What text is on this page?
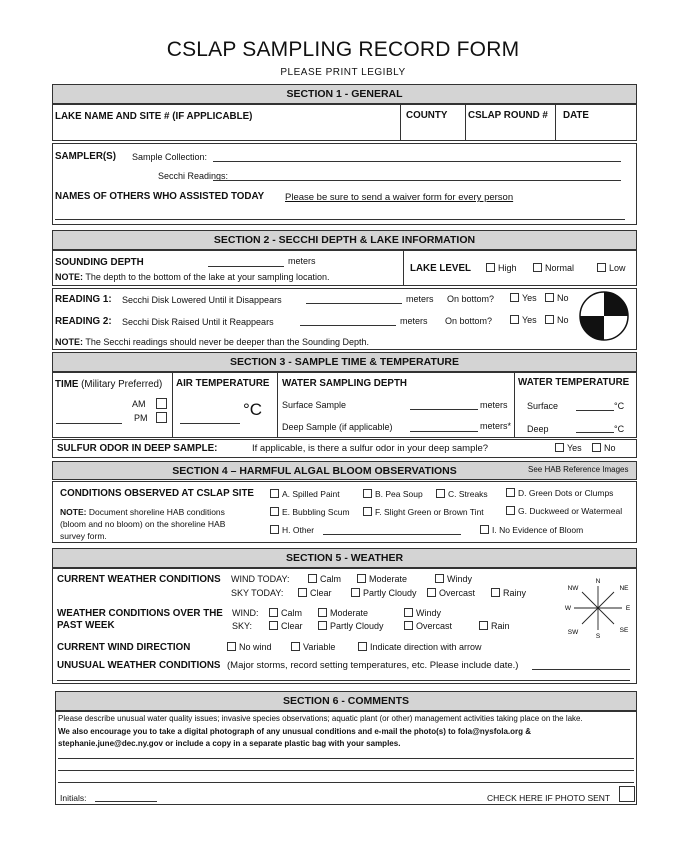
CSLAP SAMPLING RECORD FORM
PLEASE PRINT LEGIBLY
SECTION 1 - GENERAL
LAKE NAME AND SITE # (IF APPLICABLE)	COUNTY CSLAP ROUND # DATE
SAMPLER(S) Sample Collection:
Secchi Readings:
NAMES OF OTHERS WHO ASSISTED TODAY Please be sure to send a waiver form for every person
SECTION 2 - SECCHI DEPTH & LAKE INFORMATION
SOUNDING DEPTH	meters
NOTE: The depth to the bottom of the lake at your sampling location.
LAKE LEVEL	High	Normal	Low
READING 1: Secchi Disk Lowered Until it Disappears	meters On bottom?	Yes	No
READING 2: Secchi Disk Raised Until it Reappears	meters On bottom?	Yes	No
NOTE: The Secchi readings should never be deeper than the Sounding Depth.
SECTION 3 - SAMPLE TIME & TEMPERATURE
TIME (Military Preferred)
AM
PM
AIR TEMPERATURE
°C
WATER SAMPLING DEPTH
Surface Sample	meters
Deep Sample (if applicable)	meters*
WATER TEMPERATURE
Surface	°C
Deep	°C
SULFUR ODOR IN DEEP SAMPLE:	If applicable, is there a sulfur odor in your deep sample?	Yes	No
SECTION 4 – HARMFUL ALGAL BLOOM OBSERVATIONS	See HAB Reference Images
CONDITIONS OBSERVED AT CSLAP SITE
NOTE: Document shoreline HAB conditions
(bloom and no bloom) on the shoreline HAB
survey form.
A. Spilled Paint	B. Pea Soup	C. Streaks	D. Green Dots or Clumps
E. Bubbling Scum	F. Slight Green or Brown Tint	G. Duckweed or Watermeal
H. Other	I. No Evidence of Bloom
SECTION 5 - WEATHER
CURRENT WEATHER CONDITIONS WIND TODAY:	Calm	Moderate	Windy
SKY TODAY:	Clear	Partly Cloudy	Overcast	Rainy
WEATHER CONDITIONS OVER THE
PAST WEEK
WIND:	Calm	Moderate	Windy
SKY:	Clear	Partly Cloudy	Overcast	Rain
CURRENT WIND DIRECTION	No wind	Variable	Indicate direction with arrow
UNUSUAL WEATHER CONDITIONS (Major storms, record setting temperatures, etc. Please include date.)
N
NE
E
SE
S
SW
W
NW
SECTION 6 - COMMENTS
Please describe unusual water quality issues; invasive species observations; aquatic plant (or other) management activities taking place on the lake.
We also encourage you to take a digital photograph of any unusual conditions and e-mail the photo(s) to fola@nysfola.org &
stephanie.june@dec.ny.gov or include a copy in a separate plastic bag with your samples.
Initials:	CHECK HERE IF PHOTO SENT
